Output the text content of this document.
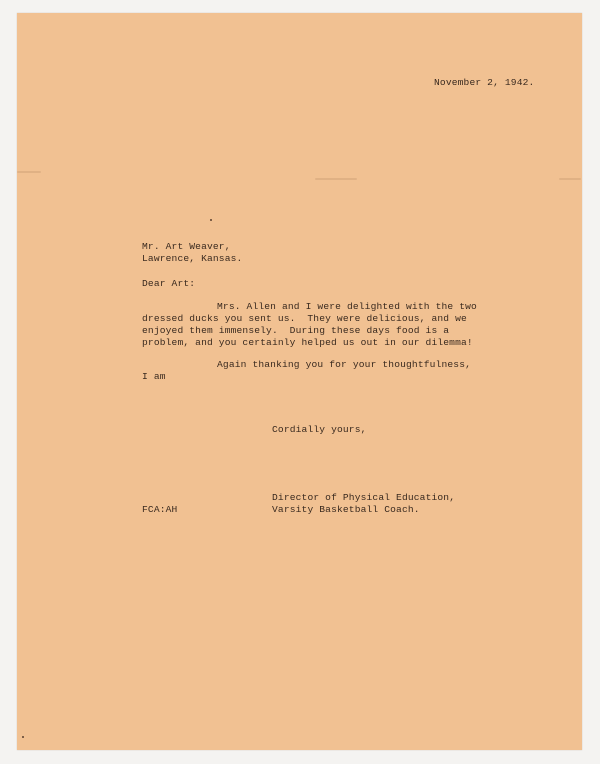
November 2, 1942.
Mr. Art Weaver,
Lawrence, Kansas.
Dear Art:
Mrs. Allen and I were delighted with the two
dressed ducks you sent us.  They were delicious, and we
enjoyed them immensely.  During these days food is a
problem, and you certainly helped us out in our dilemma!
Again thanking you for your thoughtfulness,
I am
Cordially yours,
FCA:AH
Director of Physical Education,
Varsity Basketball Coach.
